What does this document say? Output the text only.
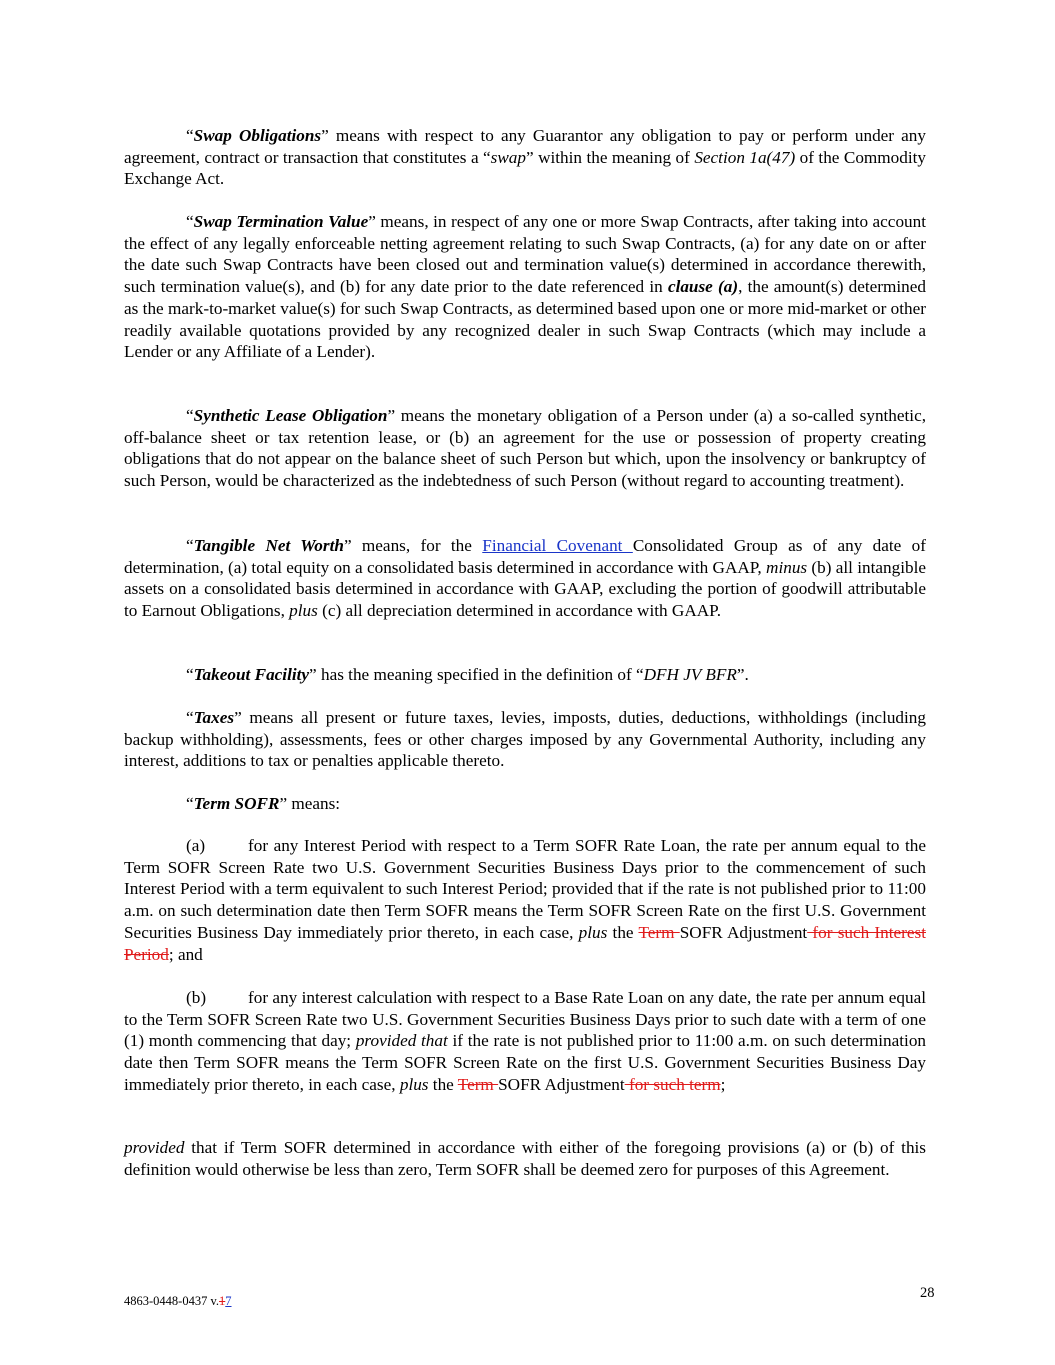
“Swap Obligations” means with respect to any Guarantor any obligation to pay or perform under any agreement, contract or transaction that constitutes a “swap” within the meaning of Section 1a(47) of the Commodity Exchange Act.

“Swap Termination Value” means, in respect of any one or more Swap Contracts, after taking into account the effect of any legally enforceable netting agreement relating to such Swap Contracts, (a) for any date on or after the date such Swap Contracts have been closed out and termination value(s) determined in accordance therewith, such termination value(s), and (b) for any date prior to the date referenced in clause (a), the amount(s) determined as the mark-to-market value(s) for such Swap Contracts, as determined based upon one or more mid-market or other readily available quotations provided by any recognized dealer in such Swap Contracts (which may include a Lender or any Affiliate of a Lender).

“Synthetic Lease Obligation” means the monetary obligation of a Person under (a) a so-called synthetic, off-balance sheet or tax retention lease, or (b) an agreement for the use or possession of property creating obligations that do not appear on the balance sheet of such Person but which, upon the insolvency or bankruptcy of such Person, would be characterized as the indebtedness of such Person (without regard to accounting treatment).

“Tangible Net Worth” means, for the Financial Covenant Consolidated Group as of any date of determination, (a) total equity on a consolidated basis determined in accordance with GAAP, minus (b) all intangible assets on a consolidated basis determined in accordance with GAAP, excluding the portion of goodwill attributable to Earnout Obligations, plus (c) all depreciation determined in accordance with GAAP.

“Takeout Facility” has the meaning specified in the definition of “DFH JV BFR”.

“Taxes” means all present or future taxes, levies, imposts, duties, deductions, withholdings (including backup withholding), assessments, fees or other charges imposed by any Governmental Authority, including any interest, additions to tax or penalties applicable thereto.

“Term SOFR” means:

(a) for any Interest Period with respect to a Term SOFR Rate Loan, the rate per annum equal to the Term SOFR Screen Rate two U.S. Government Securities Business Days prior to the commencement of such Interest Period with a term equivalent to such Interest Period; provided that if the rate is not published prior to 11:00 a.m. on such determination date then Term SOFR means the Term SOFR Screen Rate on the first U.S. Government Securities Business Day immediately prior thereto, in each case, plus the Term SOFR Adjustment for such Interest Period; and

(b) for any interest calculation with respect to a Base Rate Loan on any date, the rate per annum equal to the Term SOFR Screen Rate two U.S. Government Securities Business Days prior to such date with a term of one (1) month commencing that day; provided that if the rate is not published prior to 11:00 a.m. on such determination date then Term SOFR means the Term SOFR Screen Rate on the first U.S. Government Securities Business Day immediately prior thereto, in each case, plus the Term SOFR Adjustment for such term;

provided that if Term SOFR determined in accordance with either of the foregoing provisions (a) or (b) of this definition would otherwise be less than zero, Term SOFR shall be deemed zero for purposes of this Agreement.

4863-0448-0437 v.17	28
